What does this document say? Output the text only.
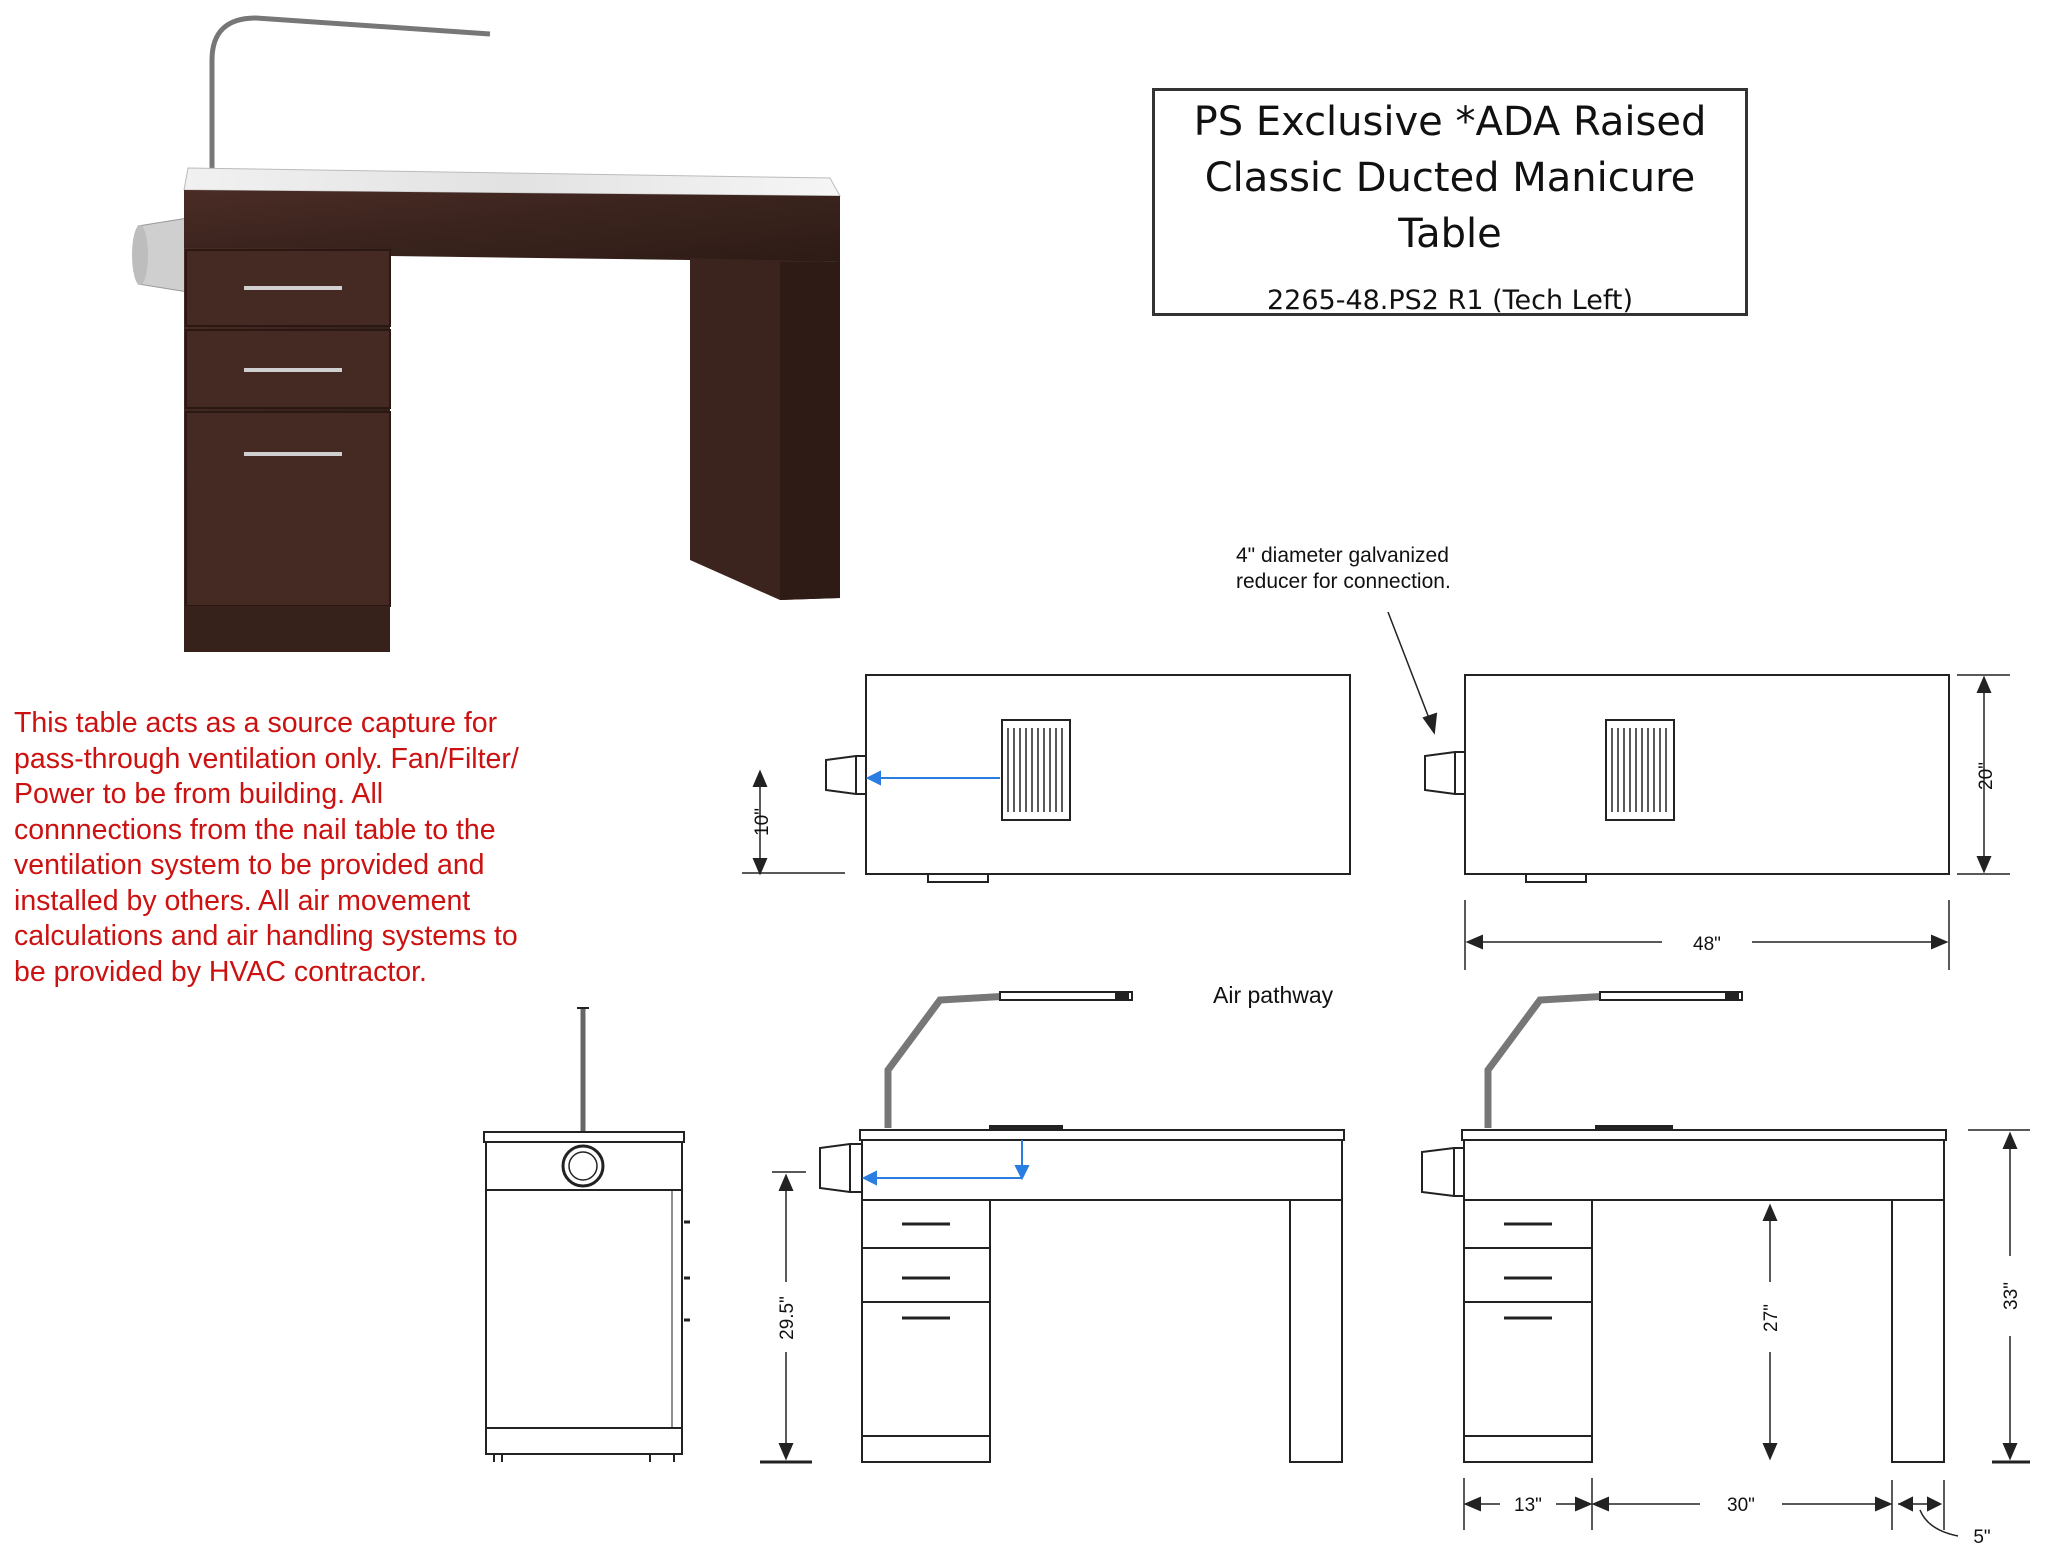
PS Exclusive *ADA Raised
Classic Ducted Manicure
Table
2265-48.PS2 R1 (Tech Left)
This table acts as a source capture for pass-through ventilation only. Fan/Filter/ Power to be from building. All connnections from the nail table to the ventilation system to be provided and installed by others. All air movement calculations and air handling systems to be provided by HVAC contractor.
4" diameter galvanized
reducer for connection.
Air pathway
10"
20"
48"
29.5"	27"
33"
13"	30"
5"
